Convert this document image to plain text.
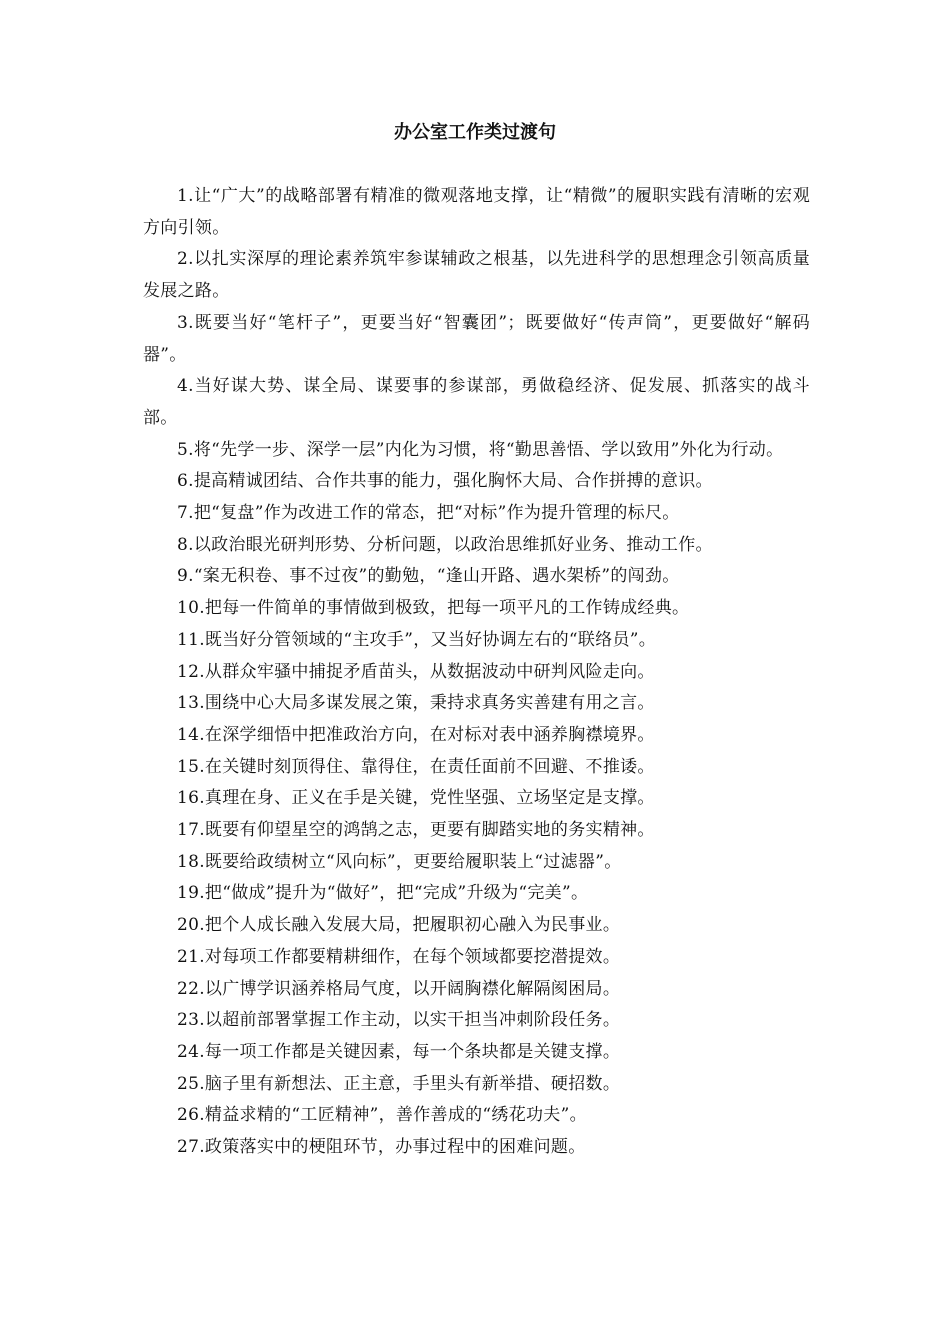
办公室工作类过渡句
1.让“广大”的战略部署有精准的微观落地支撑，让“精微”的履职实践有清晰的宏观方向引领。
2.以扎实深厚的理论素养筑牢参谋辅政之根基，以先进科学的思想理念引领高质量发展之路。
3.既要当好“笔杆子”，更要当好“智囊团”；既要做好“传声筒”，更要做好“解码器”。
4.当好谋大势、谋全局、谋要事的参谋部，勇做稳经济、促发展、抓落实的战斗部。
5.将“先学一步、深学一层”内化为习惯，将“勤思善悟、学以致用”外化为行动。
6.提高精诚团结、合作共事的能力，强化胸怀大局、合作拼搏的意识。
7.把“复盘”作为改进工作的常态，把“对标”作为提升管理的标尺。
8.以政治眼光研判形势、分析问题，以政治思维抓好业务、推动工作。
9.“案无积卷、事不过夜”的勤勉，“逢山开路、遇水架桥”的闯劲。
10.把每一件简单的事情做到极致，把每一项平凡的工作铸成经典。
11.既当好分管领域的“主攻手”，又当好协调左右的“联络员”。
12.从群众牢骚中捕捉矛盾苗头，从数据波动中研判风险走向。
13.围绕中心大局多谋发展之策，秉持求真务实善建有用之言。
14.在深学细悟中把准政治方向，在对标对表中涵养胸襟境界。
15.在关键时刻顶得住、靠得住，在责任面前不回避、不推诿。
16.真理在身、正义在手是关键，党性坚强、立场坚定是支撑。
17.既要有仰望星空的鸿鹄之志，更要有脚踏实地的务实精神。
18.既要给政绩树立“风向标”，更要给履职装上“过滤器”。
19.把“做成”提升为“做好”，把“完成”升级为“完美”。
20.把个人成长融入发展大局，把履职初心融入为民事业。
21.对每项工作都要精耕细作，在每个领域都要挖潜提效。
22.以广博学识涵养格局气度，以开阔胸襟化解隔阂困局。
23.以超前部署掌握工作主动，以实干担当冲刺阶段任务。
24.每一项工作都是关键因素，每一个条块都是关键支撑。
25.脑子里有新想法、正主意，手里头有新举措、硬招数。
26.精益求精的“工匠精神”，善作善成的“绣花功夫”。
27.政策落实中的梗阻环节，办事过程中的困难问题。
